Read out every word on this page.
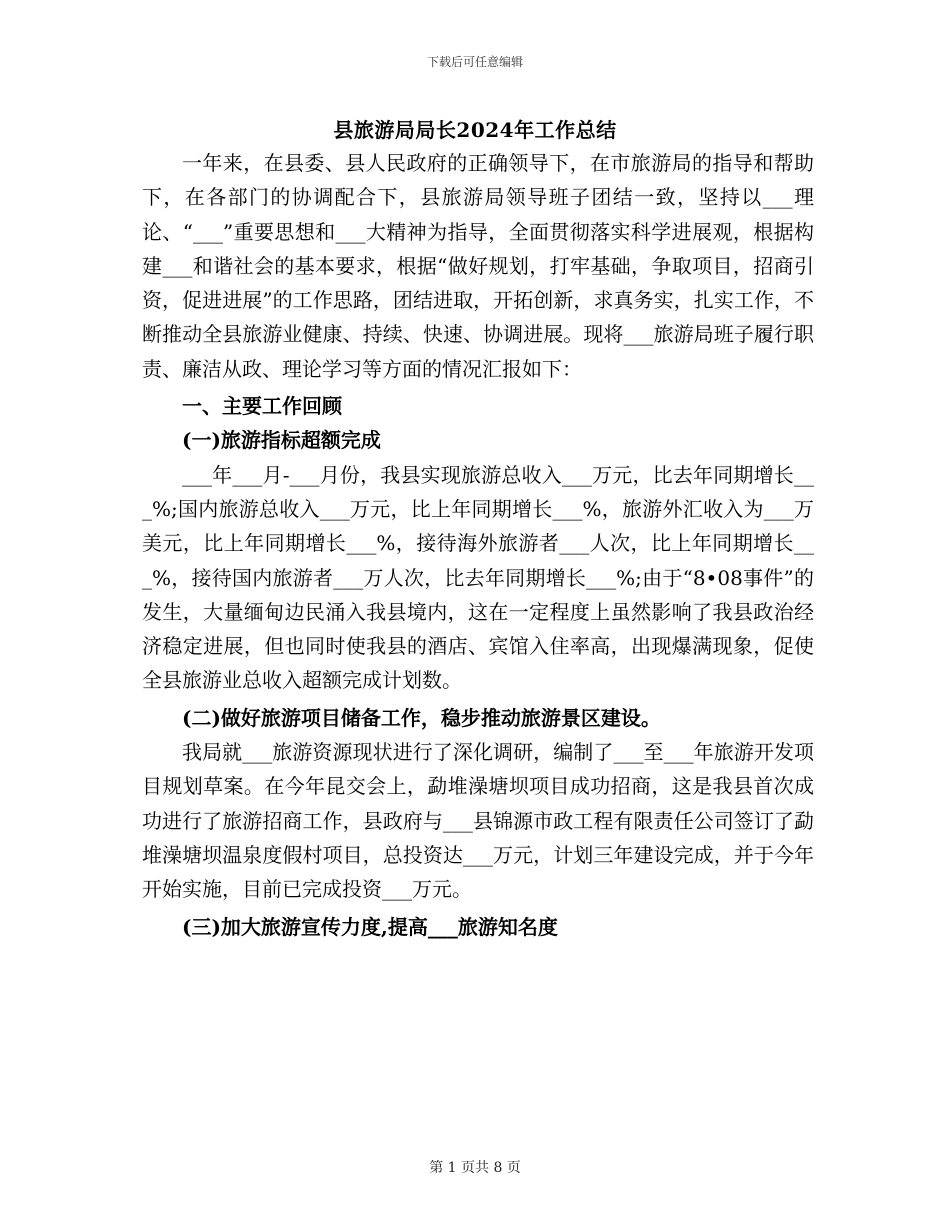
下载后可任意编辑
县旅游局局长2024年工作总结

一年来，在县委、县人民政府的正确领导下，在市旅游局的指导和帮助下，在各部门的协调配合下，县旅游局领导班子团结一致，坚持以___理论、“___”重要思想和___大精神为指导，全面贯彻落实科学进展观，根据构建___和谐社会的基本要求，根据“做好规划，打牢基础，争取项目，招商引资，促进进展”的工作思路，团结进取，开拓创新，求真务实，扎实工作，不断推动全县旅游业健康、持续、快速、协调进展。现将___旅游局班子履行职责、廉洁从政、理论学习等方面的情况汇报如下：

一、主要工作回顾

(一)旅游指标超额完成

___年___月-___月份，我县实现旅游总收入___万元，比去年同期增长___%;国内旅游总收入___万元，比上年同期增长___%，旅游外汇收入为___万美元，比上年同期增长___%，接待海外旅游者___人次，比上年同期增长___%，接待国内旅游者___万人次，比去年同期增长___%;由于“8•08事件”的发生，大量缅甸边民涌入我县境内，这在一定程度上虽然影响了我县政治经济稳定进展，但也同时使我县的酒店、宾馆入住率高，出现爆满现象，促使全县旅游业总收入超额完成计划数。

(二)做好旅游项目储备工作，稳步推动旅游景区建设。

我局就___旅游资源现状进行了深化调研，编制了___至___年旅游开发项目规划草案。在今年昆交会上，勐堆澡塘坝项目成功招商，这是我县首次成功进行了旅游招商工作，县政府与___县锦源市政工程有限责任公司签订了勐堆澡塘坝温泉度假村项目，总投资达___万元，计划三年建设完成，并于今年开始实施，目前已完成投资___万元。

(三)加大旅游宣传力度,提高___旅游知名度

第 1 页共 8 页
